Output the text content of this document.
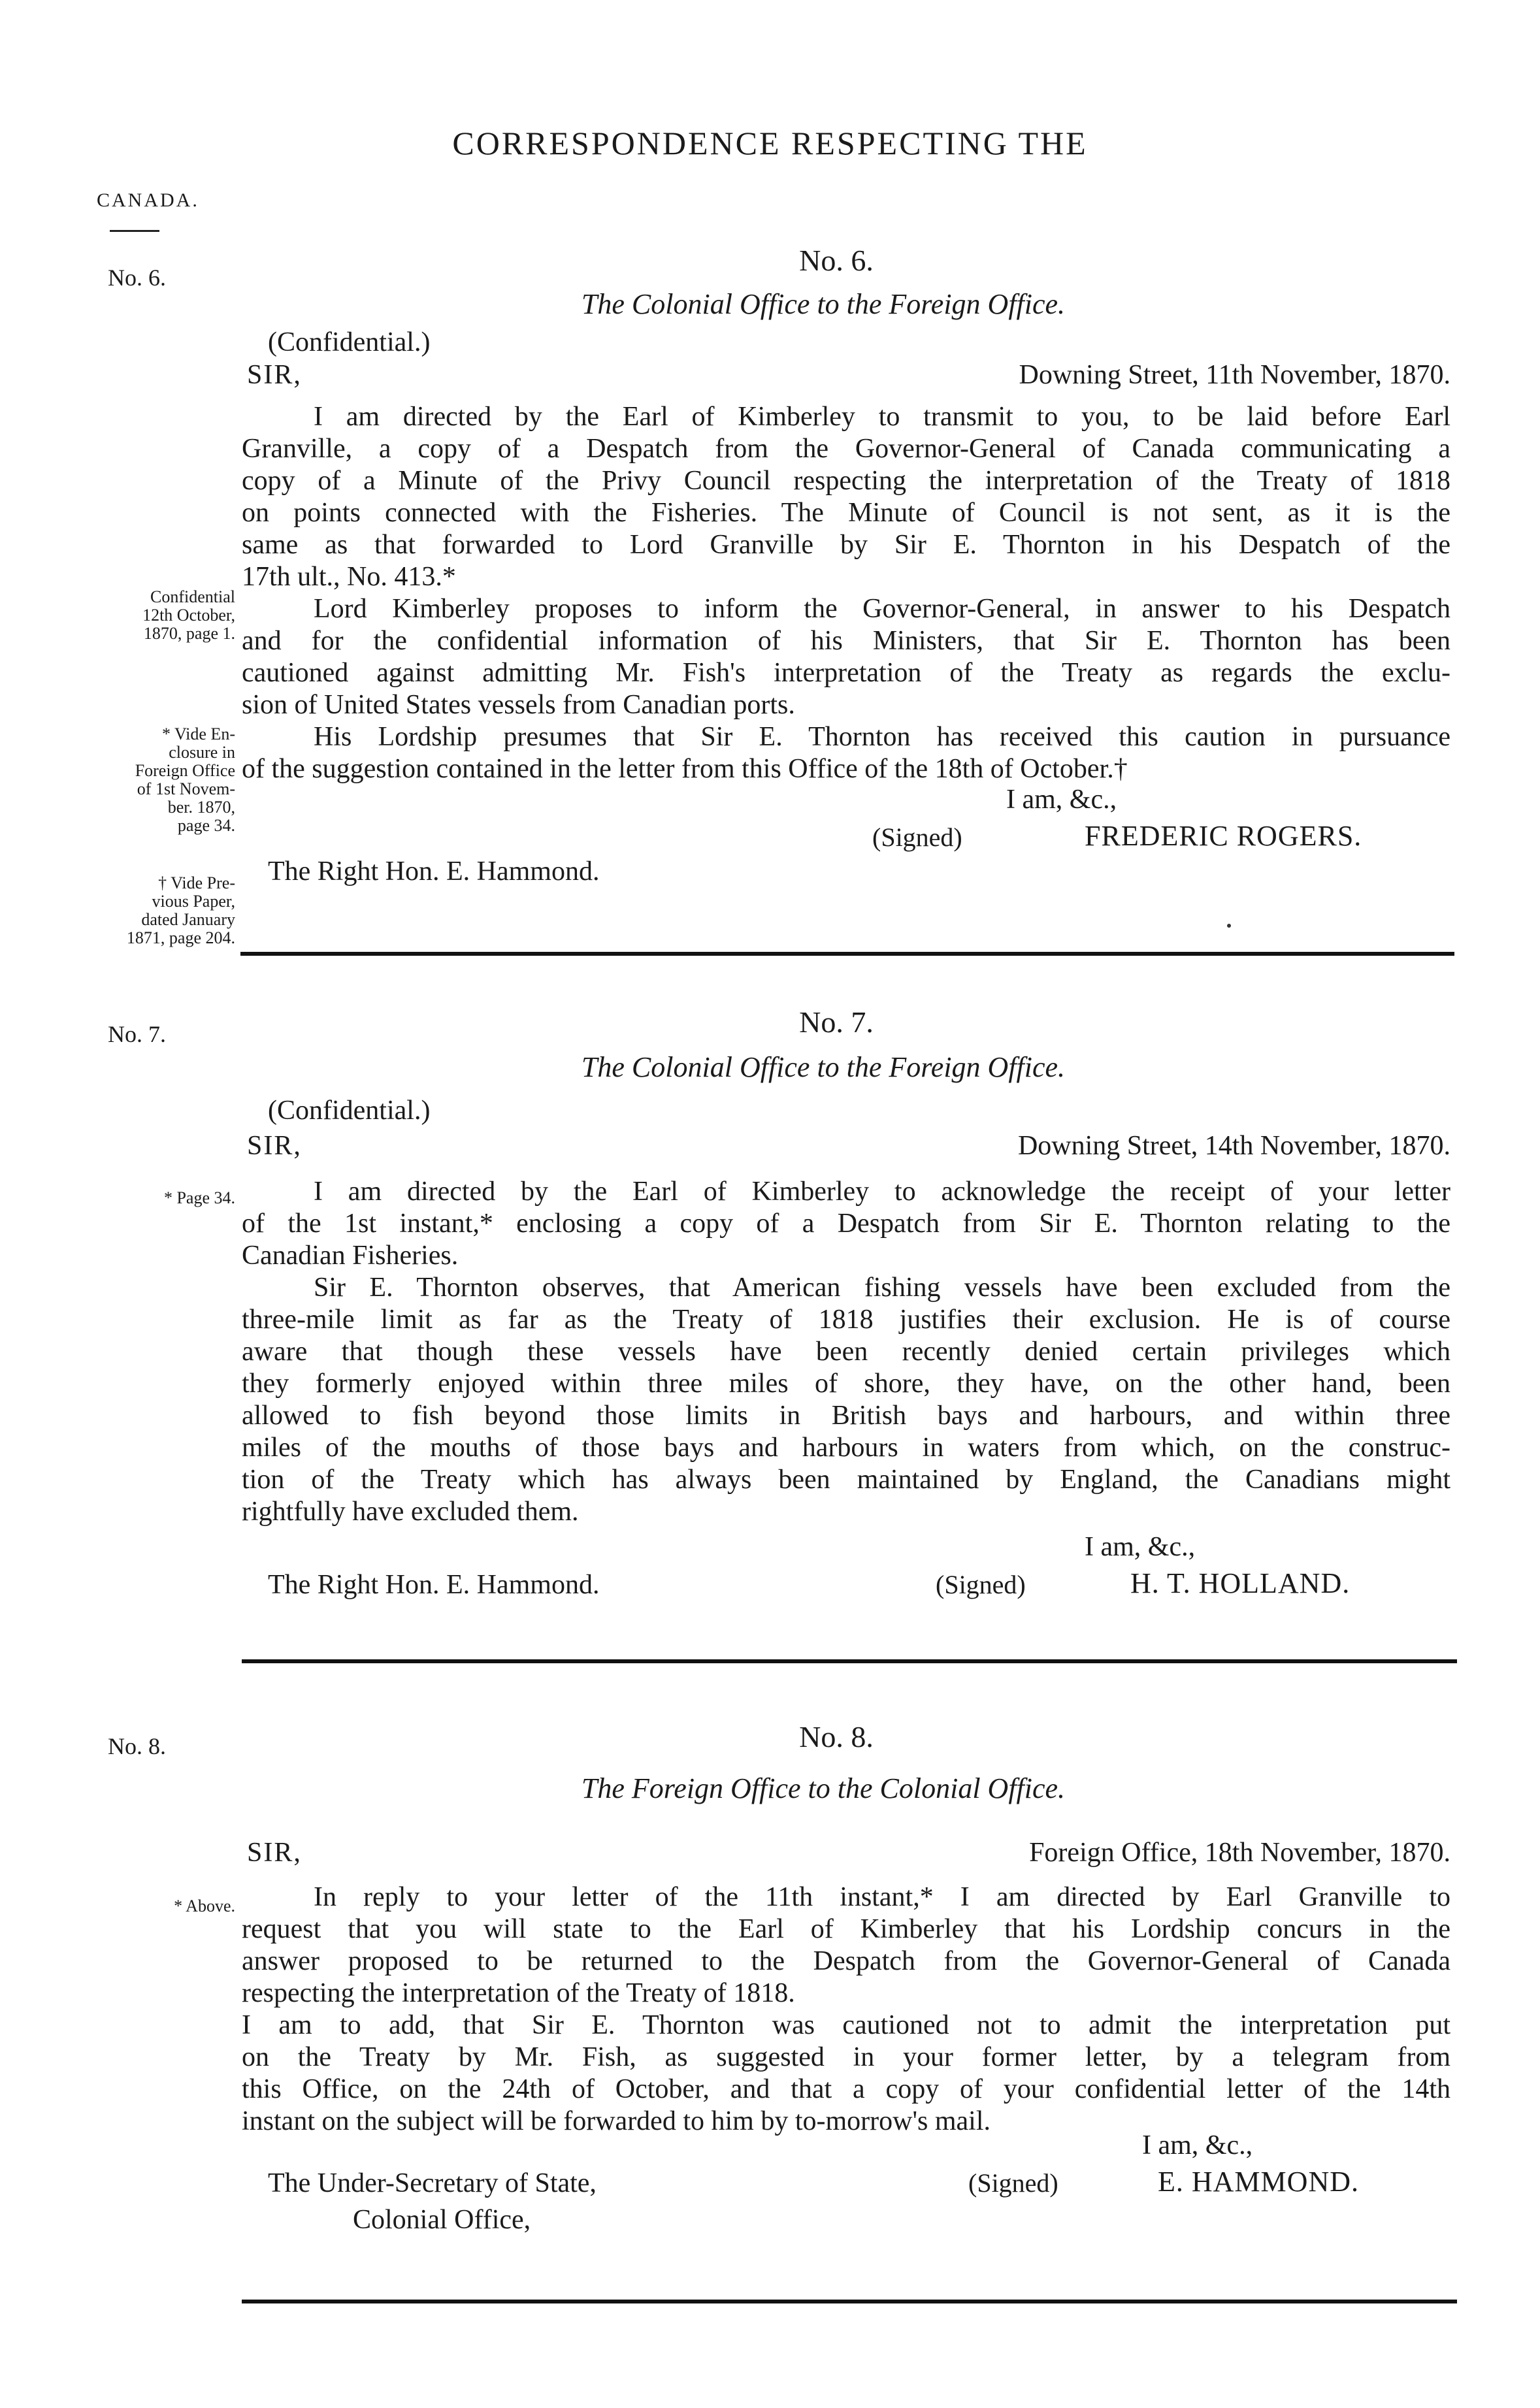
CORRESPONDENCE RESPECTING THE
CANADA.
No. 6.
Confidential
12th October,
1870, page 1.
* Vide En-
closure in
Foreign Office
of 1st Novem-
ber. 1870,
page 34.
† Vide Pre-
vious Paper,
dated January
1871, page 204.
No. 7.
* Page 34.
No. 8.
* Above.
No. 6.
The Colonial Office to the Foreign Office.
(Confidential.)
SIR,	Downing Street, 11th November, 1870.
I am directed by the Earl of Kimberley to transmit to you, to be laid before Earl
Granville, a copy of a Despatch from the Governor-General of Canada communicating a
copy of a Minute of the Privy Council respecting the interpretation of the Treaty of 1818
on points connected with the Fisheries. The Minute of Council is not sent, as it is the
same as that forwarded to Lord Granville by Sir E. Thornton in his Despatch of the
17th ult., No. 413.*
Lord Kimberley proposes to inform the Governor-General, in answer to his Despatch
and for the confidential information of his Ministers, that Sir E. Thornton has been
cautioned against admitting Mr. Fish's interpretation of the Treaty as regards the exclu-
sion of United States vessels from Canadian ports.
His Lordship presumes that Sir E. Thornton has received this caution in pursuance
of the suggestion contained in the letter from this Office of the 18th of October.†
I am, &c.,
(Signed)	FREDERIC ROGERS.
The Right Hon. E. Hammond.
No. 7.
The Colonial Office to the Foreign Office.
(Confidential.)
SIR,	Downing Street, 14th November, 1870.
I am directed by the Earl of Kimberley to acknowledge the receipt of your letter
of the 1st instant,* enclosing a copy of a Despatch from Sir E. Thornton relating to the
Canadian Fisheries.
Sir E. Thornton observes, that American fishing vessels have been excluded from the
three-mile limit as far as the Treaty of 1818 justifies their exclusion. He is of course
aware that though these vessels have been recently denied certain privileges which
they formerly enjoyed within three miles of shore, they have, on the other hand, been
allowed to fish beyond those limits in British bays and harbours, and within three
miles of the mouths of those bays and harbours in waters from which, on the construc-
tion of the Treaty which has always been maintained by England, the Canadians might
rightfully have excluded them.
I am, &c.,
The Right Hon. E. Hammond.	(Signed)	H. T. HOLLAND.
No. 8.
The Foreign Office to the Colonial Office.
SIR,	Foreign Office, 18th November, 1870.
In reply to your letter of the 11th instant,* I am directed by Earl Granville to
request that you will state to the Earl of Kimberley that his Lordship concurs in the
answer proposed to be returned to the Despatch from the Governor-General of Canada
respecting the interpretation of the Treaty of 1818.
I am to add, that Sir E. Thornton was cautioned not to admit the interpretation put
on the Treaty by Mr. Fish, as suggested in your former letter, by a telegram from
this Office, on the 24th of October, and that a copy of your confidential letter of the 14th
instant on the subject will be forwarded to him by to-morrow's mail.
I am, &c.,
The Under-Secretary of State,
Colonial Office,
(Signed)	E. HAMMOND.
